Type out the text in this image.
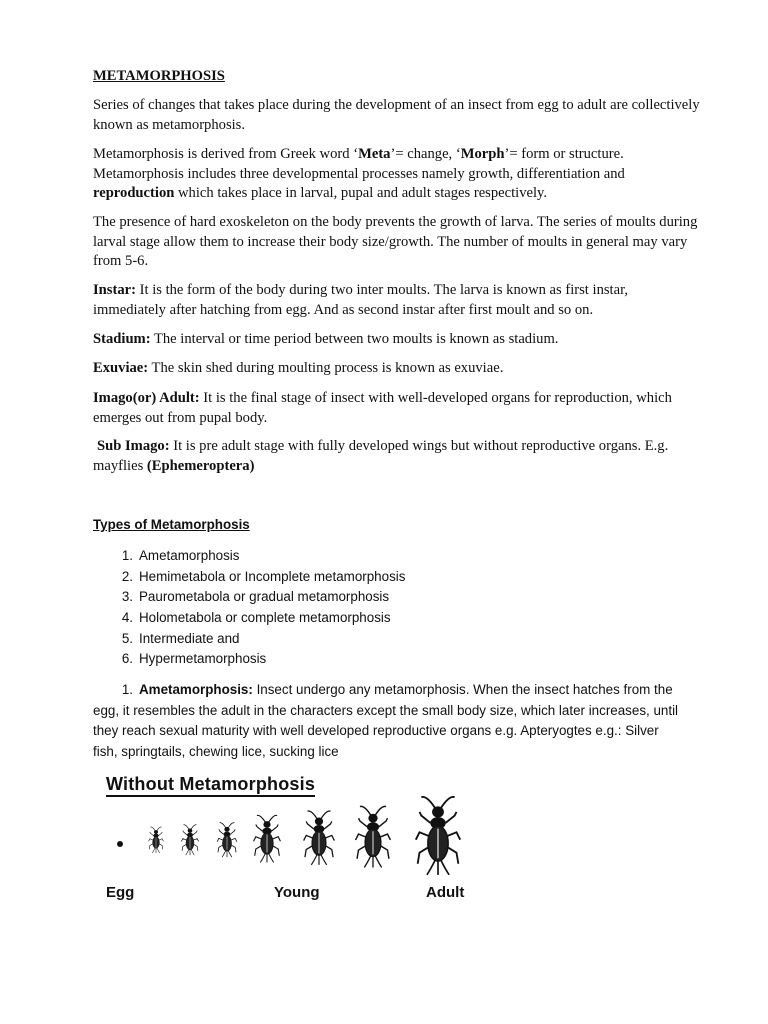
METAMORPHOSIS

Series of changes that takes place during the development of an insect from egg to adult are collectively known as metamorphosis.

Metamorphosis is derived from Greek word ‘Meta’= change, ‘Morph’= form or structure. Metamorphosis includes three developmental processes namely growth, differentiation and reproduction which takes place in larval, pupal and adult stages respectively.

The presence of hard exoskeleton on the body prevents the growth of larva. The series of moults during larval stage allow them to increase their body size/growth. The number of moults in general may vary from 5-6.

Instar: It is the form of the body during two inter moults. The larva is known as first instar, immediately after hatching from egg. And as second instar after first moult and so on.

Stadium: The interval or time period between two moults is known as stadium.

Exuviae: The skin shed during moulting process is known as exuviae.

Imago(or) Adult: It is the final stage of insect with well-developed organs for reproduction, which emerges out from pupal body.

Sub Imago: It is pre adult stage with fully developed wings but without reproductive organs. E.g. mayflies (Ephemeroptera)

Types of Metamorphosis
1. Ametamorphosis
2. Hemimetabola or Incomplete metamorphosis
3. Paurometabola or gradual metamorphosis
4. Holometabola or complete metamorphosis
5. Intermediate and
6. Hypermetamorphosis
1. Ametamorphosis: Insect undergo any metamorphosis. When the insect hatches from the egg, it resembles the adult in the characters except the small body size, which later increases, until they reach sexual maturity with well developed reproductive organs e.g. Apteryogtes e.g.: Silver fish, springtails, chewing lice, sucking lice

Without Metamorphosis
Egg	Young	Adult
